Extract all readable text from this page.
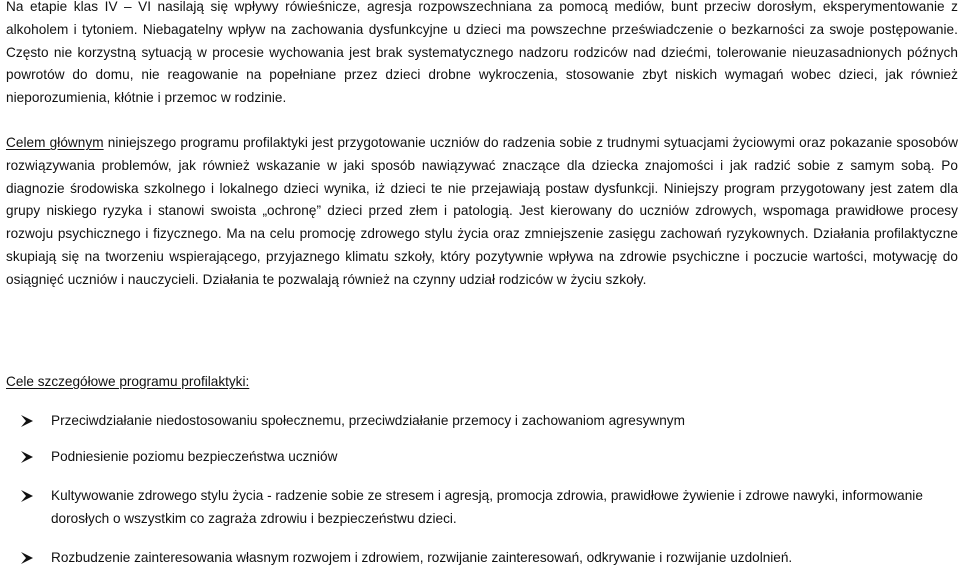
Na etapie klas IV – VI nasilają się wpływy rówieśnicze, agresja rozpowszechniana za pomocą mediów, bunt przeciw dorosłym, eksperymentowanie z alkoholem i tytoniem. Niebagatelny wpływ na zachowania dysfunkcyjne u dzieci ma powszechne przeświadczenie o bezkarności za swoje postępowanie. Często nie korzystną sytuacją w procesie wychowania jest brak systematycznego nadzoru rodziców nad dziećmi, tolerowanie nieuzasadnionych późnych powrotów do domu, nie reagowanie na popełniane przez dzieci drobne wykroczenia, stosowanie zbyt niskich wymagań wobec dzieci, jak również nieporozumienia, kłótnie i przemoc w rodzinie.

Celem głównym niniejszego programu profilaktyki jest przygotowanie uczniów do radzenia sobie z trudnymi sytuacjami życiowymi oraz pokazanie sposobów rozwiązywania problemów, jak również wskazanie w jaki sposób nawiązywać znaczące dla dziecka znajomości i jak radzić sobie z samym sobą. Po diagnozie środowiska szkolnego i lokalnego dzieci wynika, iż dzieci te nie przejawiają postaw dysfunkcji. Niniejszy program przygotowany jest zatem dla grupy niskiego ryzyka i stanowi swoista „ochronę” dzieci przed złem i patologią. Jest kierowany do uczniów zdrowych, wspomaga prawidłowe procesy rozwoju psychicznego i fizycznego. Ma na celu promocję zdrowego stylu życia oraz zmniejszenie zasięgu zachowań ryzykownych. Działania profilaktyczne skupiają się na tworzeniu wspierającego, przyjaznego klimatu szkoły, który pozytywnie wpływa na zdrowie psychiczne i poczucie wartości, motywację do osiągnięć uczniów i nauczycieli. Działania te pozwalają również na czynny udział rodziców w życiu szkoły.

Cele szczegółowe programu profilaktyki:

Przeciwdziałanie niedostosowaniu społecznemu, przeciwdziałanie przemocy i zachowaniom agresywnym
Podniesienie poziomu bezpieczeństwa uczniów
Kultywowanie zdrowego stylu życia - radzenie sobie ze stresem i agresją, promocja zdrowia, prawidłowe żywienie i zdrowe nawyki, informowanie dorosłych o wszystkim co zagraża zdrowiu i bezpieczeństwu dzieci.
Rozbudzenie zainteresowania własnym rozwojem i zdrowiem, rozwijanie zainteresowań, odkrywanie i rozwijanie uzdolnień.
